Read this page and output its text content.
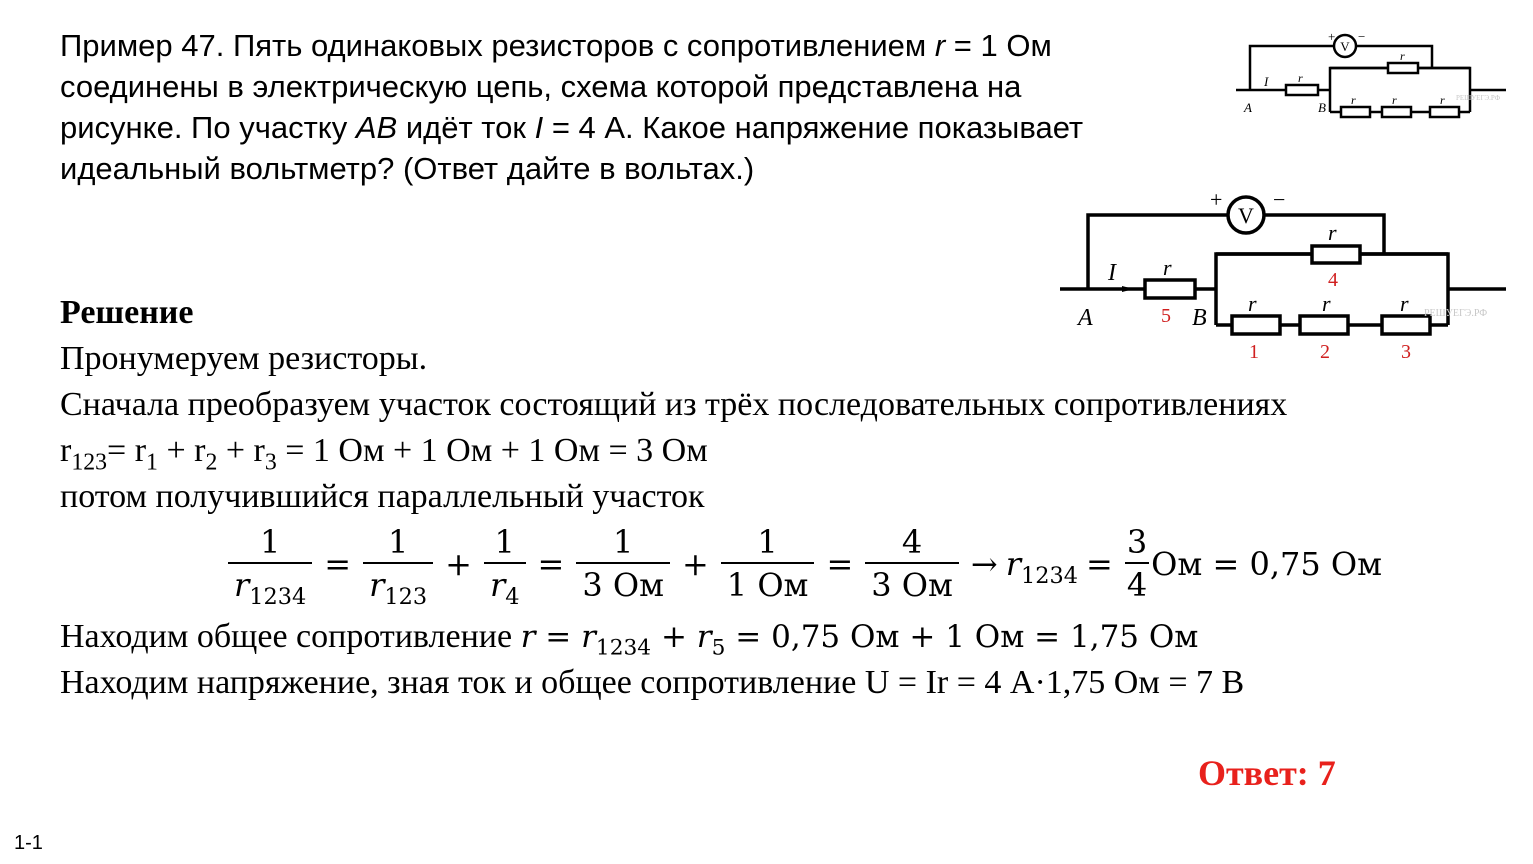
Пример 47. Пять одинаковых резисторов с сопротивлением r = 1 Ом
соединены в электрическую цепь, схема которой представлена на
рисунке. По участку AB идёт ток I = 4 А. Какое напряжение показывает
идеальный вольтметр? (Ответ дайте в вольтах.)
V
+ −
I r
r
r	r	r
A	B
РЕШУЕГЭ.РФ
V
+ −
I r
r
r	r	r
A	B
5
4
1	2	3
РЕШУЕГЭ.РФ
Решение
Пронумеруем резисторы.
Сначала преобразуем участок состоящий из трёх последовательных сопротивлениях
$r_{123}= r_1 + r_2 + r_3 = 1$ Ом + 1 Ом + 1 Ом = 3 Ом
потом получившийся параллельный участок
$\frac{1}{r_{1234}} = \frac{1}{r_{123}} + \frac{1}{r_4} = \frac{1}{3 Ом} + \frac{1}{1 Ом} = \frac{4}{3 Ом} \to r_{1234} = \frac{3}{4}$ Ом = 0,75 Ом
Находим общее сопротивление $r = r_{1234} + r_5 = 0,75$ Ом + 1 Ом = 1,75 Ом
Находим напряжение, зная ток и общее сопротивление U = Ir = 4 А·1,75 Ом = 7 В
Ответ: 7
1-1
